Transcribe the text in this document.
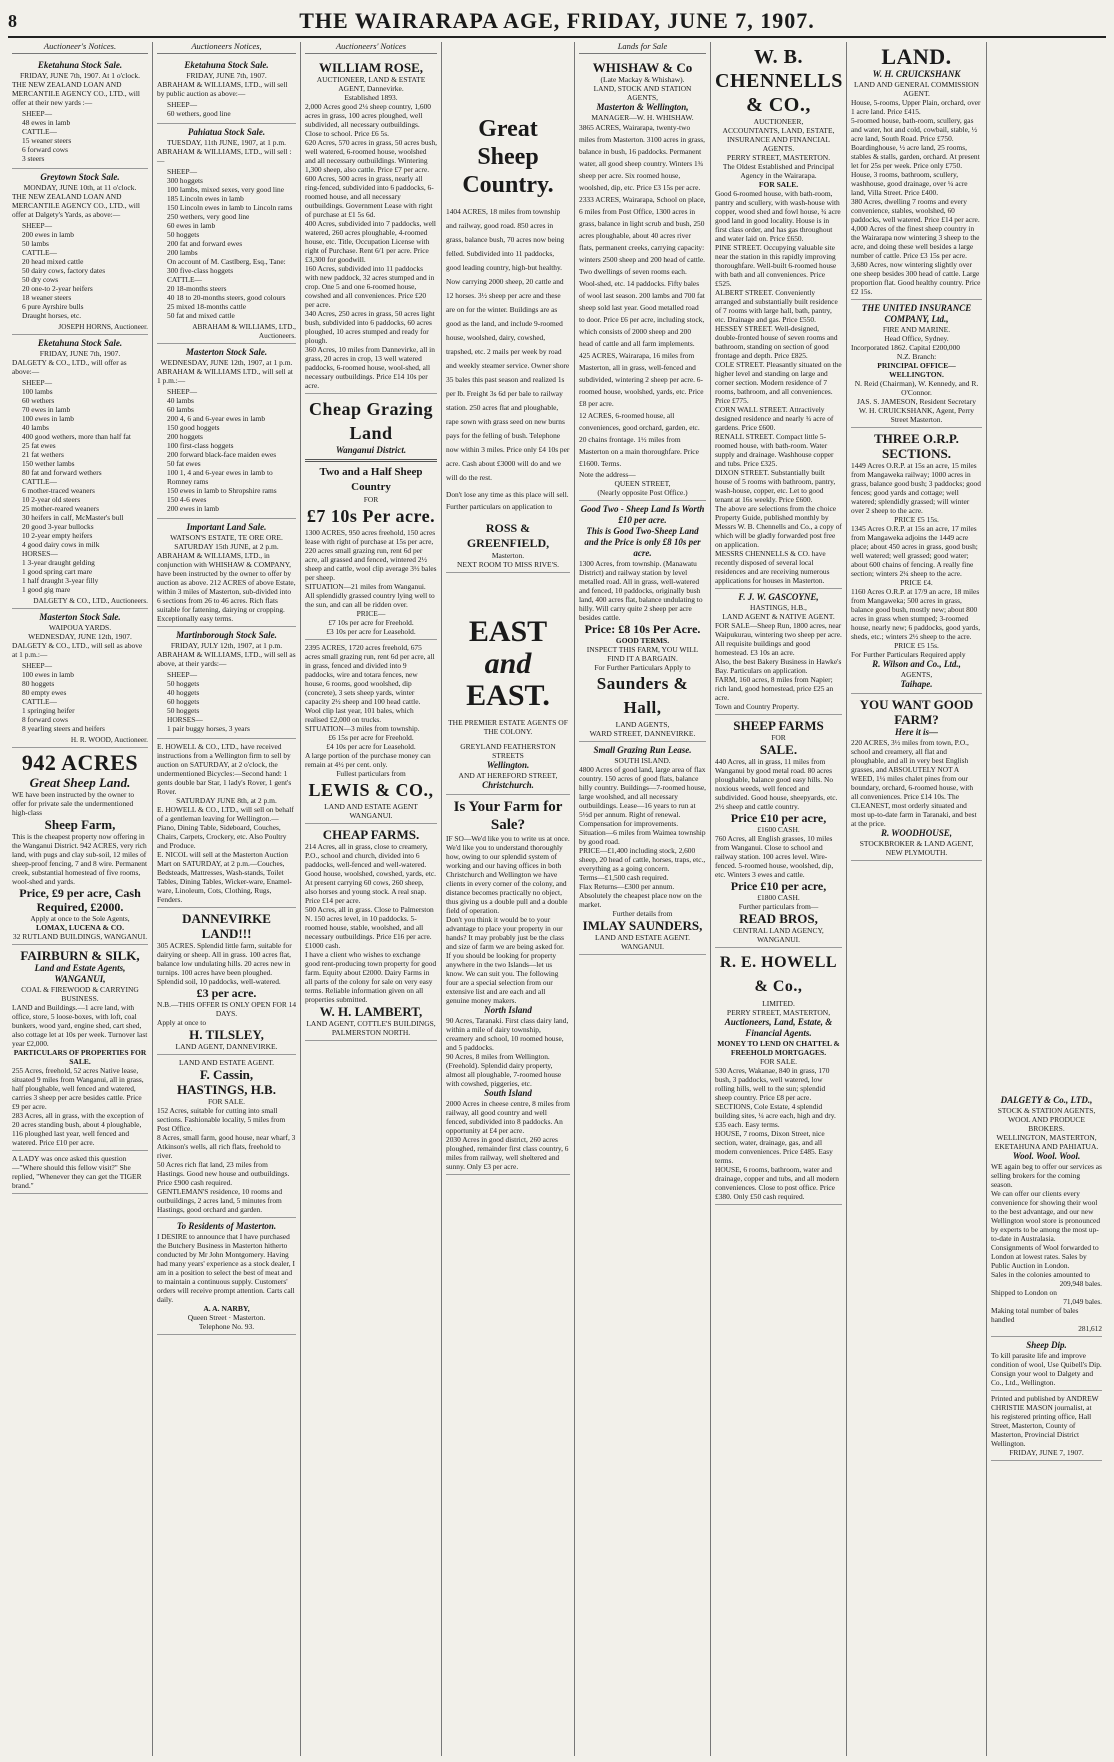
8	THE WAIRARAPA AGE, FRIDAY, JUNE 7, 1907.
Auctioneer's Notices.
Eketahuna Stock Sale.
FRIDAY, JUNE 7th, 1907. At 1 o'clock.
THE NEW ZEALAND LOAN AND MERCANTILE AGENCY CO., LTD., will offer at their new yards :—
SHEEP—
48 ewes in lamb
CATTLE—
15 weaner steers
6 forward cows
3 steers
Greytown Stock Sale.
MONDAY, JUNE 10th, at 11 o'clock.
THE NEW ZEALAND LOAN AND MERCANTILE AGENCY CO., LTD., will offer at Dalgety's Yards, as above:—
SHEEP—
200 ewes in lamb
50 lambs
CATTLE—
20 head mixed cattle
50 dairy cows, factory dates
50 dry cows
20 one-to 2-year heifers
18 weaner steers
6 pure Ayrshire bulls
Draught horses, etc.
JOSEPH HORNS, Auctioneer.
Eketahuna Stock Sale.
FRIDAY, JUNE 7th, 1907.
DALGETY & CO., LTD., will offer as above:—
SHEEP—
100 lambs
60 wethers
70 ewes in lamb
100 ewes in lamb
40 lambs
400 good wethers, more than half fat
25 fat ewes
21 fat wethers
150 wether lambs
80 fat and forward wethers
CATTLE—
6 mother-traced weaners
10 2-year old steers
25 mother-reared weaners
30 heifers in calf, McMaster's bull
20 good 3-year bullocks
10 2-year empty heifers
4 good dairy cows in milk
HORSES—
1 3-year draught gelding
1 good spring cart mare
1 half draught 3-year filly
1 good gig mare
DALGETY & CO., LTD., Auctioneers.
Masterton Stock Sale.
WAIPOUA YARDS.
WEDNESDAY, JUNE 12th, 1907.
DALGETY & CO., LTD., will sell as above at 1 p.m.:—
SHEEP—
100 ewes in lamb
80 hoggets
80 empty ewes
CATTLE—
1 springing heifer
8 forward cows
8 yearling steers and heifers
H. R. WOOD, Auctioneer.
942 ACRES
Great Sheep Land.
WE have been instructed by the owner to offer for private sale the undermentioned high-class
Sheep Farm,
This is the cheapest property now offering in the Wanganui District. 942 ACRES, very rich land, with pugs and clay sub-soil, 12 miles of sheep-proof fencing, 7 and 8 wire. Permanent creek, substantial homestead of five rooms, wool-shed and yards.
Price, £9 per acre, Cash Required, £2000.
Apply at once to the Sole Agents,
LOMAX, LUCENA & CO.
32 RUTLAND BUILDINGS, WANGANUI.
FAIRBURN & SILK,
Land and Estate Agents, WANGANUI,
COAL & FIREWOOD & CARRYING BUSINESS.
LAND and Buildings.—1 acre land, with office, store, 5 loose-boxes, with loft, coal bunkers, wood yard, engine shed, cart shed, also cottage let at 10s per week. Turnover last year £2,000.
PARTICULARS OF PROPERTIES FOR SALE.
255 Acres, freehold, 52 acres Native lease, situated 9 miles from Wanganui, all in grass, half ploughable, well fenced and watered, carries 3 sheep per acre besides cattle. Price £9 per acre.
283 Acres, all in grass, with the exception of 20 acres standing bush, about 4 ploughable, 116 ploughed last year, well fenced and watered. Price £10 per acre.
A LADY was once asked this question—"Where should this fellow visit?" She replied, "Whenever they can get the TIGER brand."
Auctioneers Notices,
Eketahuna Stock Sale.
FRIDAY, JUNE 7th, 1907.
ABRAHAM & WILLIAMS, LTD., will sell by public auction as above:—
SHEEP—
60 wethers, good line
Pahiatua Stock Sale.
TUESDAY, 11th JUNE, 1907, at 1 p.m.
ABRAHAM & WILLIAMS, LTD., will sell :—
SHEEP—
300 hoggets
100 lambs, mixed sexes, very good line
185 Lincoln ewes in lamb
150 Lincoln ewes in lamb to Lincoln rams
250 wethers, very good line
60 ewes in lamb
50 hoggets
200 fat and forward ewes
200 lambs
On account of M. Castlberg, Esq., Tane:
300 five-class hoggets
CATTLE—
20 18-months steers
40 18 to 20-months steers, good colours
25 mixed 18-months cattle
50 fat and mixed cattle
ABRAHAM & WILLIAMS, LTD., Auctioneers.
Masterton Stock Sale.
WEDNESDAY, JUNE 12th, 1907, at 1 p.m.
ABRAHAM & WILLIAMS LTD., will sell at 1 p.m.:—
SHEEP—
40 lambs
60 lambs
200 4, 6 and 6-year ewes in lamb
150 good hoggets
200 hoggets
100 first-class hoggets
200 forward black-face maiden ewes
50 fat ewes
100 1, 4 and 6-year ewes in lamb to Romney rams
150 ewes in lamb to Shropshire rams
150 4-6 ewes
200 ewes in lamb
Important Land Sale.
WATSON'S ESTATE, TE ORE ORE.
SATURDAY 15th JUNE, at 2 p.m.
ABRAHAM & WILLIAMS, LTD., in conjunction with WHISHAW & COMPANY, have been instructed by the owner to offer by auction as above. 212 ACRES of above Estate, within 3 miles of Masterton, sub-divided into 6 sections from 26 to 46 acres. Rich flats suitable for fattening, dairying or cropping. Exceptionally easy terms.
Martinborough Stock Sale.
FRIDAY, JULY 12th, 1907, at 1 p.m.
ABRAHAM & WILLIAMS, LTD., will sell as above, at their yards:—
SHEEP—
50 hoggets
40 hoggets
60 hoggets
50 hoggets
HORSES—
1 pair buggy horses, 3 years
E. HOWELL & CO., LTD., have received instructions from a Wellington firm to sell by auction on SATURDAY, at 2 o'clock, the undermentioned Bicycles:—Second hand: 1 gents double bar Star, 1 lady's Rover, 1 gent's Rover.
SATURDAY JUNE 8th, at 2 p.m.
E. HOWELL & CO., LTD., will sell on behalf of a gentleman leaving for Wellington.—Piano, Dining Table, Sideboard, Couches, Chairs, Carpets, Crockery, etc. Also Poultry and Produce.
E. NICOL will sell at the Masterton Auction Mart on SATURDAY, at 2 p.m.—Couches, Bedsteads, Mattresses, Wash-stands, Toilet Tables, Dining Tables, Wicker-ware, Enamel-ware, Linoleum, Cots, Clothing, Rugs, Fenders.
DANNEVIRKE LAND!!!
305 ACRES. Splendid little farm, suitable for dairying or sheep. All in grass. 100 acres flat, balance low undulating hills. 20 acres new in turnips. 100 acres have been ploughed. Splendid soil, 10 paddocks, well-watered.
£3 per acre.
N.B.—THIS OFFER IS ONLY OPEN FOR 14 DAYS.
Apply at once to
H. TILSLEY,
LAND AGENT, DANNEVIRKE.
LAND AND ESTATE AGENT.
F. Cassin,
HASTINGS, H.B.
FOR SALE.
152 Acres, suitable for cutting into small sections. Fashionable locality, 5 miles from Post Office.
8 Acres, small farm, good house, near wharf, 3 Atkinson's wells, all rich flats, freehold to river.
50 Acres rich flat land, 23 miles from Hastings. Good new house and outbuildings. Price £900 cash required.
GENTLEMAN'S residence, 10 rooms and outbuildings, 2 acres land, 5 minutes from Hastings, good orchard and garden.
To Residents of Masterton.
I DESIRE to announce that I have purchased the Butchery Business in Masterton hitherto conducted by Mr John Montgomery. Having had many years' experience as a stock dealer, I am in a position to select the best of meat and to maintain a continuous supply. Customers' orders will receive prompt attention. Carts call daily.
A. A. NARBY,
Queen Street · Masterton.
Telephone No. 93.
Auctioneers' Notices
WILLIAM ROSE,
AUCTIONEER, LAND & ESTATE AGENT, Dannevirke.
Established 1893.
2,000 Acres good 2¼ sheep country, 1,600 acres in grass, 100 acres ploughed, well subdivided, all necessary outbuildings. Close to school. Price £6 5s.
620 Acres, 570 acres in grass, 50 acres bush, well watered, 6-roomed house, woolshed and all necessary outbuildings. Wintering 1,300 sheep, also cattle. Price £7 per acre.
600 Acres, 500 acres in grass, nearly all ring-fenced, subdivided into 6 paddocks, 6-roomed house, and all necessary outbuildings. Government Lease with right of purchase at £1 5s 6d.
400 Acres, subdivided into 7 paddocks, well watered, 260 acres ploughable, 4-roomed house, etc. Title, Occupation License with right of Purchase. Rent 6/1 per acre. Price £3,300 for goodwill.
160 Acres, subdivided into 11 paddocks with new paddock, 32 acres stumped and in crop. One 5 and one 6-roomed house, cowshed and all conveniences. Price £20 per acre.
340 Acres, 250 acres in grass, 50 acres light bush, subdivided into 6 paddocks, 60 acres ploughed, 10 acres stumped and ready for plough.
360 Acres, 10 miles from Dannevirke, all in grass, 20 acres in crop, 13 well watered paddocks, 6-roomed house, wool-shed, all necessary outbuildings. Price £14 10s per acre.
Cheap Grazing Land
Wanganui District.
Two and a Half Sheep Country
FOR
£7 10s Per acre.
1300 ACRES, 950 acres freehold, 150 acres lease with right of purchase at 15s per acre, 220 acres small grazing run, rent 6d per acre, all grassed and fenced, wintered 2½ sheep and cattle, wool clip average 3½ bales per sheep.
SITUATION—21 miles from Wanganui.
All splendidly grassed country lying well to the sun, and can all be ridden over.
PRICE—
£7 10s per acre for Freehold.
£3 10s per acre for Leasehold.
2395 ACRES, 1720 acres freehold, 675 acres small grazing run, rent 6d per acre, all in grass, fenced and divided into 9 paddocks, wire and totara fences, new house, 6 rooms, good woolshed, dip (concrete), 3 sets sheep yards, winter capacity 2½ sheep and 100 head cattle. Wool clip last year, 101 bales, which realised £2,000 on trucks.
SITUATION—3 miles from township.
£6 15s per acre for Freehold.
£4 10s per acre for Leasehold.
A large portion of the purchase money can remain at 4½ per cent. only.
Fullest particulars from
LEWIS & CO.,
LAND AND ESTATE AGENT WANGANUI.
CHEAP FARMS.
214 Acres, all in grass, close to creamery, P.O., school and church, divided into 6 paddocks, well-fenced and well-watered. Good house, woolshed, cowshed, yards, etc. At present carrying 60 cows, 260 sheep, also horses and young stock. A real snap. Price £14 per acre.
500 Acres, all in grass. Close to Palmerston N. 150 acres level, in 10 paddocks. 5-roomed house, stable, woolshed, and all necessary outbuildings. Price £16 per acre. £1000 cash.
I have a client who wishes to exchange good rent-producing town property for good farm. Equity about £2000. Dairy Farms in all parts of the colony for sale on very easy terms. Reliable information given on all properties submitted.
W. H. LAMBERT,
LAND AGENT, COTTLE'S BUILDINGS, PALMERSTON NORTH.
Great Sheep Country.
1404 ACRES, 18 miles from township and railway, good road. 850 acres in grass, balance bush, 70 acres now being felled. Subdivided into 11 paddocks, good leading country, high-but healthy. Now carrying 2000 sheep, 20 cattle and 12 horses. 3½ sheep per acre and these are on for the winter. Buildings are as good as the land, and include 9-roomed house, woolshed, dairy, cowshed, trapshed, etc. 2 mails per week by road and weekly steamer service. Owner shore 35 bales this past season and realized 1s per lb. Freight 3s 6d per bale to railway station. 250 acres flat and ploughable, rape sown with grass seed on new burns pays for the felling of bush. Telephone now within 3 miles. Price only £4 10s per acre. Cash about £3000 will do and we will do the rest.
Don't lose any time as this place will sell. Further particulars on application to
ROSS & GREENFIELD,
Masterton.
NEXT ROOM TO MISS RIVE'S.
EAST
and
EAST.
THE PREMIER ESTATE AGENTS OF THE COLONY.
GREYLAND FEATHERSTON STREETS
Wellington.
AND AT HEREFORD STREET,
Christchurch.
Is Your Farm for Sale?
IF SO—We'd like you to write us at once. We'd like you to understand thoroughly how, owing to our splendid system of working and our having offices in both Christchurch and Wellington we have clients in every corner of the colony, and distance becomes practically no object, thus giving us a double pull and a double field of operation.
Don't you think it would be to your advantage to place your property in our hands? It may probably just be the class and size of farm we are being asked for.
If you should be looking for property anywhere in the two Islands—let us know. We can suit you. The following four are a special selection from our extensive list and are each and all genuine money makers.
North Island
90 Acres, Taranaki. First class dairy land, within a mile of dairy township, creamery and school, 10 roomed house, and 5 paddocks.
90 Acres, 8 miles from Wellington. (Freehold). Splendid dairy property, almost all ploughable, 7-roomed house with cowshed, piggeries, etc.
South Island
2000 Acres in cheese centre, 8 miles from railway, all good country and well fenced, subdivided into 8 paddocks. An opportunity at £4 per acre.
2030 Acres in good district, 260 acres ploughed, remainder first class country, 6 miles from railway, well sheltered and sunny. Only £3 per acre.
Lands for Sale
WHISHAW & Co
(Late Mackay & Whishaw).
LAND, STOCK AND STATION AGENTS,
Masterton & Wellington,
MANAGER—W. H. WHISHAW.
3865 ACRES, Wairarapa, twenty-two miles from Masterton. 3100 acres in grass, balance in bush, 16 paddocks. Permanent water, all good sheep country. Winters 1¾ sheep per acre. Six roomed house, woolshed, dip, etc. Price £3 15s per acre.
2333 ACRES, Wairarapa, School on place, 6 miles from Post Office, 1300 acres in grass, balance in light scrub and bush, 250 acres ploughable, about 40 acres river flats, permanent creeks, carrying capacity: winters 2500 sheep and 200 head of cattle. Two dwellings of seven rooms each. Wool-shed, etc. 14 paddocks. Fifty bales of wool last season. 200 lambs and 700 fat sheep sold last year. Good metalled road to door. Price £6 per acre, including stock, which consists of 2000 sheep and 200 head of cattle and all farm implements.
425 ACRES, Wairarapa, 16 miles from Masterton, all in grass, well-fenced and subdivided, wintering 2 sheep per acre. 6-roomed house, woolshed, yards, etc. Price £8 per acre.
12 ACRES, 6-roomed house, all conveniences, good orchard, garden, etc. 20 chains frontage. 1½ miles from Masterton on a main thoroughfare. Price £1600. Terms.
Note the address—
QUEEN STREET,
(Nearly opposite Post Office.)
Good Two - Sheep Land Is Worth £10 per acre.
This is Good Two-Sheep Land and the Price is only £8 10s per acre.
1300 Acres, from township. (Manawatu District) and railway station by level metalled road. All in grass, well-watered and fenced, 10 paddocks, originally bush land, 400 acres flat, balance undulating to hilly. Will carry quite 2 sheep per acre besides cattle.
Price: £8 10s Per Acre.
GOOD TERMS.
INSPECT THIS FARM, YOU WILL FIND IT A BARGAIN.
For Further Particulars Apply to
Saunders & Hall,
LAND AGENTS,
WARD STREET, DANNEVIRKE.
Small Grazing Run Lease.
SOUTH ISLAND.
4800 Acres of good land, large area of flax country. 150 acres of good flats, balance hilly country. Buildings—7-roomed house, large woolshed, and all necessary outbuildings. Lease—16 years to run at 5½d per annum. Right of renewal. Compensation for improvements.
Situation—6 miles from Waimea township by good road.
PRICE—£1,400 including stock, 2,600 sheep, 20 head of cattle, horses, traps, etc., everything as a going concern.
Terms—£1,500 cash required.
Flax Returns—£300 per annum.
Absolutely the cheapest place now on the market.
Further details from
IMLAY SAUNDERS,
LAND AND ESTATE AGENT.
WANGANUI.
W. B. CHENNELLS & CO.,
AUCTIONEER,
ACCOUNTANTS, LAND, ESTATE, INSURANCE AND FINANCIAL AGENTS.
PERRY STREET, MASTERTON.
The Oldest Established and Principal Agency in the Wairarapa.
FOR SALE.
Good 6-roomed house, with bath-room, pantry and scullery, with wash-house with copper, wood shed and fowl house, ¾ acre good land in good locality. House is in first class order, and has gas throughout and water laid on. Price £650.
PINE STREET. Occupying valuable site near the station in this rapidly improving thoroughfare. Well-built 6-roomed house with bath and all conveniences. Price £525.
ALBERT STREET. Conveniently arranged and substantially built residence of 7 rooms with large hall, bath, pantry, etc. Drainage and gas. Price £550.
HESSEY STREET. Well-designed, double-fronted house of seven rooms and bathroom, standing on section of good frontage and depth. Price £825.
COLE STREET. Pleasantly situated on the higher level and standing on large and corner section. Modern residence of 7 rooms, bathroom, and all conveniences. Price £775.
CORN WALL STREET. Attractively designed residence and nearly ¾ acre of gardens. Price £600.
RENALL STREET. Compact little 5-roomed house, with bath-room. Water supply and drainage. Washhouse copper and tubs. Price £325.
DIXON STREET. Substantially built house of 5 rooms with bathroom, pantry, wash-house, copper, etc. Let to good tenant at 16s weekly. Price £600.
The above are selections from the choice Property Guide, published monthly by Messrs W. B. Chennells and Co., a copy of which will be gladly forwarded post free on application.
MESSRS CHENNELLS & CO. have recently disposed of several local residences and are receiving numerous applications for houses in Masterton.
F. J. W. GASCOYNE,
HASTINGS, H.B.,
LAND AGENT & NATIVE AGENT.
FOR SALE—Sheep Run, 1800 acres, near Waipukurau, wintering two sheep per acre. All requisite buildings and good homestead. £3 10s an acre.
Also, the best Bakery Business in Hawke's Bay. Particulars on application.
FARM, 160 acres, 8 miles from Napier; rich land, good homestead, price £25 an acre.
Town and Country Property.
SHEEP FARMS
FOR
SALE.
440 Acres, all in grass, 11 miles from Wanganui by good metal road. 80 acres ploughable, balance good easy hills. No noxious weeds, well fenced and subdivided. Good house, sheepyards, etc. 2½ sheep and cattle country.
Price £10 per acre,
£1600 CASH.
760 Acres, all English grasses, 10 miles from Wanganui. Close to school and railway station. 100 acres level. Wire-fenced. 5-roomed house, woolshed, dip, etc. Winters 3 ewes and cattle.
Price £10 per acre,
£1800 CASH.
Further particulars from—
READ BROS,
CENTRAL LAND AGENCY,
WANGANUI.
R. E. HOWELL & Co.,
LIMITED.
PERRY STREET, MASTERTON,
Auctioneers, Land, Estate, & Financial Agents.
MONEY TO LEND ON CHATTEL & FREEHOLD MORTGAGES.
FOR SALE.
530 Acres, Wakanae, 840 in grass, 170 bush, 3 paddocks, well watered, low rolling hills, well to the sun; splendid sheep country. Price £8 per acre.
SECTIONS, Cole Estate, 4 splendid building sites, ¼ acre each, high and dry. £35 each. Easy terms.
HOUSE, 7 rooms, Dixon Street, nice section, water, drainage, gas, and all modern conveniences. Price £485. Easy terms.
HOUSE, 6 rooms, bathroom, water and drainage, copper and tubs, and all modern conveniences. Close to post office. Price £380. Only £50 cash required.
LAND.
W. H. CRUICKSHANK
LAND AND GENERAL COMMISSION AGENT.
House, 5-rooms, Upper Plain, orchard, over 1 acre land. Price £415.
5-roomed house, bath-room, scullery, gas and water, hot and cold, cowbail, stable, ½ acre land, South Road. Price £750.
Boardinghouse, ½ acre land, 25 rooms, stables & stalls, garden, orchard. At present let for 25s per week. Price only £750.
House, 3 rooms, bathroom, scullery, washhouse, good drainage, over ¼ acre land, Villa Street. Price £400.
380 Acres, dwelling 7 rooms and every convenience, stables, woolshed, 60 paddocks, well watered. Price £14 per acre.
4,000 Acres of the finest sheep country in the Wairarapa now wintering 3 sheep to the acre, and doing these well besides a large number of cattle. Price £3 15s per acre.
3,680 Acres, now wintering slightly over one sheep besides 300 head of cattle. Large proportion flat. Good healthy country. Price £2 15s.
THE UNITED INSURANCE COMPANY, Ltd.,
FIRE AND MARINE.
Head Office, Sydney.
Incorporated 1862. Capital £200,000
N.Z. Branch:
PRINCIPAL OFFICE—WELLINGTON.
N. Reid (Chairman), W. Kennedy, and R. O'Connor.
JAS. S. JAMESON, Resident Secretary
W. H. CRUICKSHANK, Agent, Perry Street Masterton.
THREE O.R.P. SECTIONS.
1449 Acres O.R.P. at 15s an acre, 15 miles from Mangaweka railway; 1000 acres in grass, balance good bush; 3 paddocks; good fences; good yards and cottage; well watered; splendidly grassed; will winter over 2 sheep to the acre.
PRICE £5 15s.
1345 Acres O.R.P. at 15s an acre, 17 miles from Mangaweka adjoins the 1449 acre place; about 450 acres in grass, good bush; well watered; well grassed; good water; about 600 chains of fencing. A really fine section; winters 2¼ sheep to the acre.
PRICE £4.
1160 Acres O.R.P. at 17/9 an acre, 18 miles from Mangaweka; 500 acres in grass, balance good bush, mostly new; about 800 acres in grass when stumped; 3-roomed house, nearly new; 6 paddocks, good yards, sheds, etc.; winters 2½ sheep to the acre.
PRICE £5 15s.
For Further Particulars Required apply
R. Wilson and Co., Ltd.,
AGENTS,
Taihape.
YOU WANT GOOD FARM?
Here it is—
220 ACRES, 3½ miles from town, P.O., school and creamery, all flat and ploughable, and all in very best English grasses, and ABSOLUTELY NOT A WEED, 1¼ miles chalet pines from our boundary, orchard, 6-roomed house, with all conveniences. Price £14 10s. The CLEANEST, most orderly situated and most up-to-date farm in Taranaki, and best at the price.
R. WOODHOUSE,
STOCKBROKER & LAND AGENT, NEW PLYMOUTH.
DALGETY & Co., LTD.,
STOCK & STATION AGENTS, WOOL AND PRODUCE BROKERS.
WELLINGTON, MASTERTON, EKETAHUNA AND PAHIATUA.
Wool. Wool. Wool.
WE again beg to offer our services as selling brokers for the coming season.
We can offer our clients every convenience for showing their wool to the best advantage, and our new Wellington wool store is pronounced by experts to be among the most up-to-date in Australasia.
Consignments of Wool forwarded to London at lowest rates. Sales by Public Auction in London.
Sales in the colonies amounted to
209,948 bales.
Shipped to London on
71,049 bales.
Making total number of bales handled
281,612
Sheep Dip.
To kill parasite life and improve condition of wool, Use Quibell's Dip.
Consign your wool to Dalgety and Co., Ltd., Wellington.
Printed and published by ANDREW CHRISTIE MASON journalist, at his registered printing office, Hall Street, Masterton, County of Masterton, Provincial District Wellington.
FRIDAY, JUNE 7, 1907.
